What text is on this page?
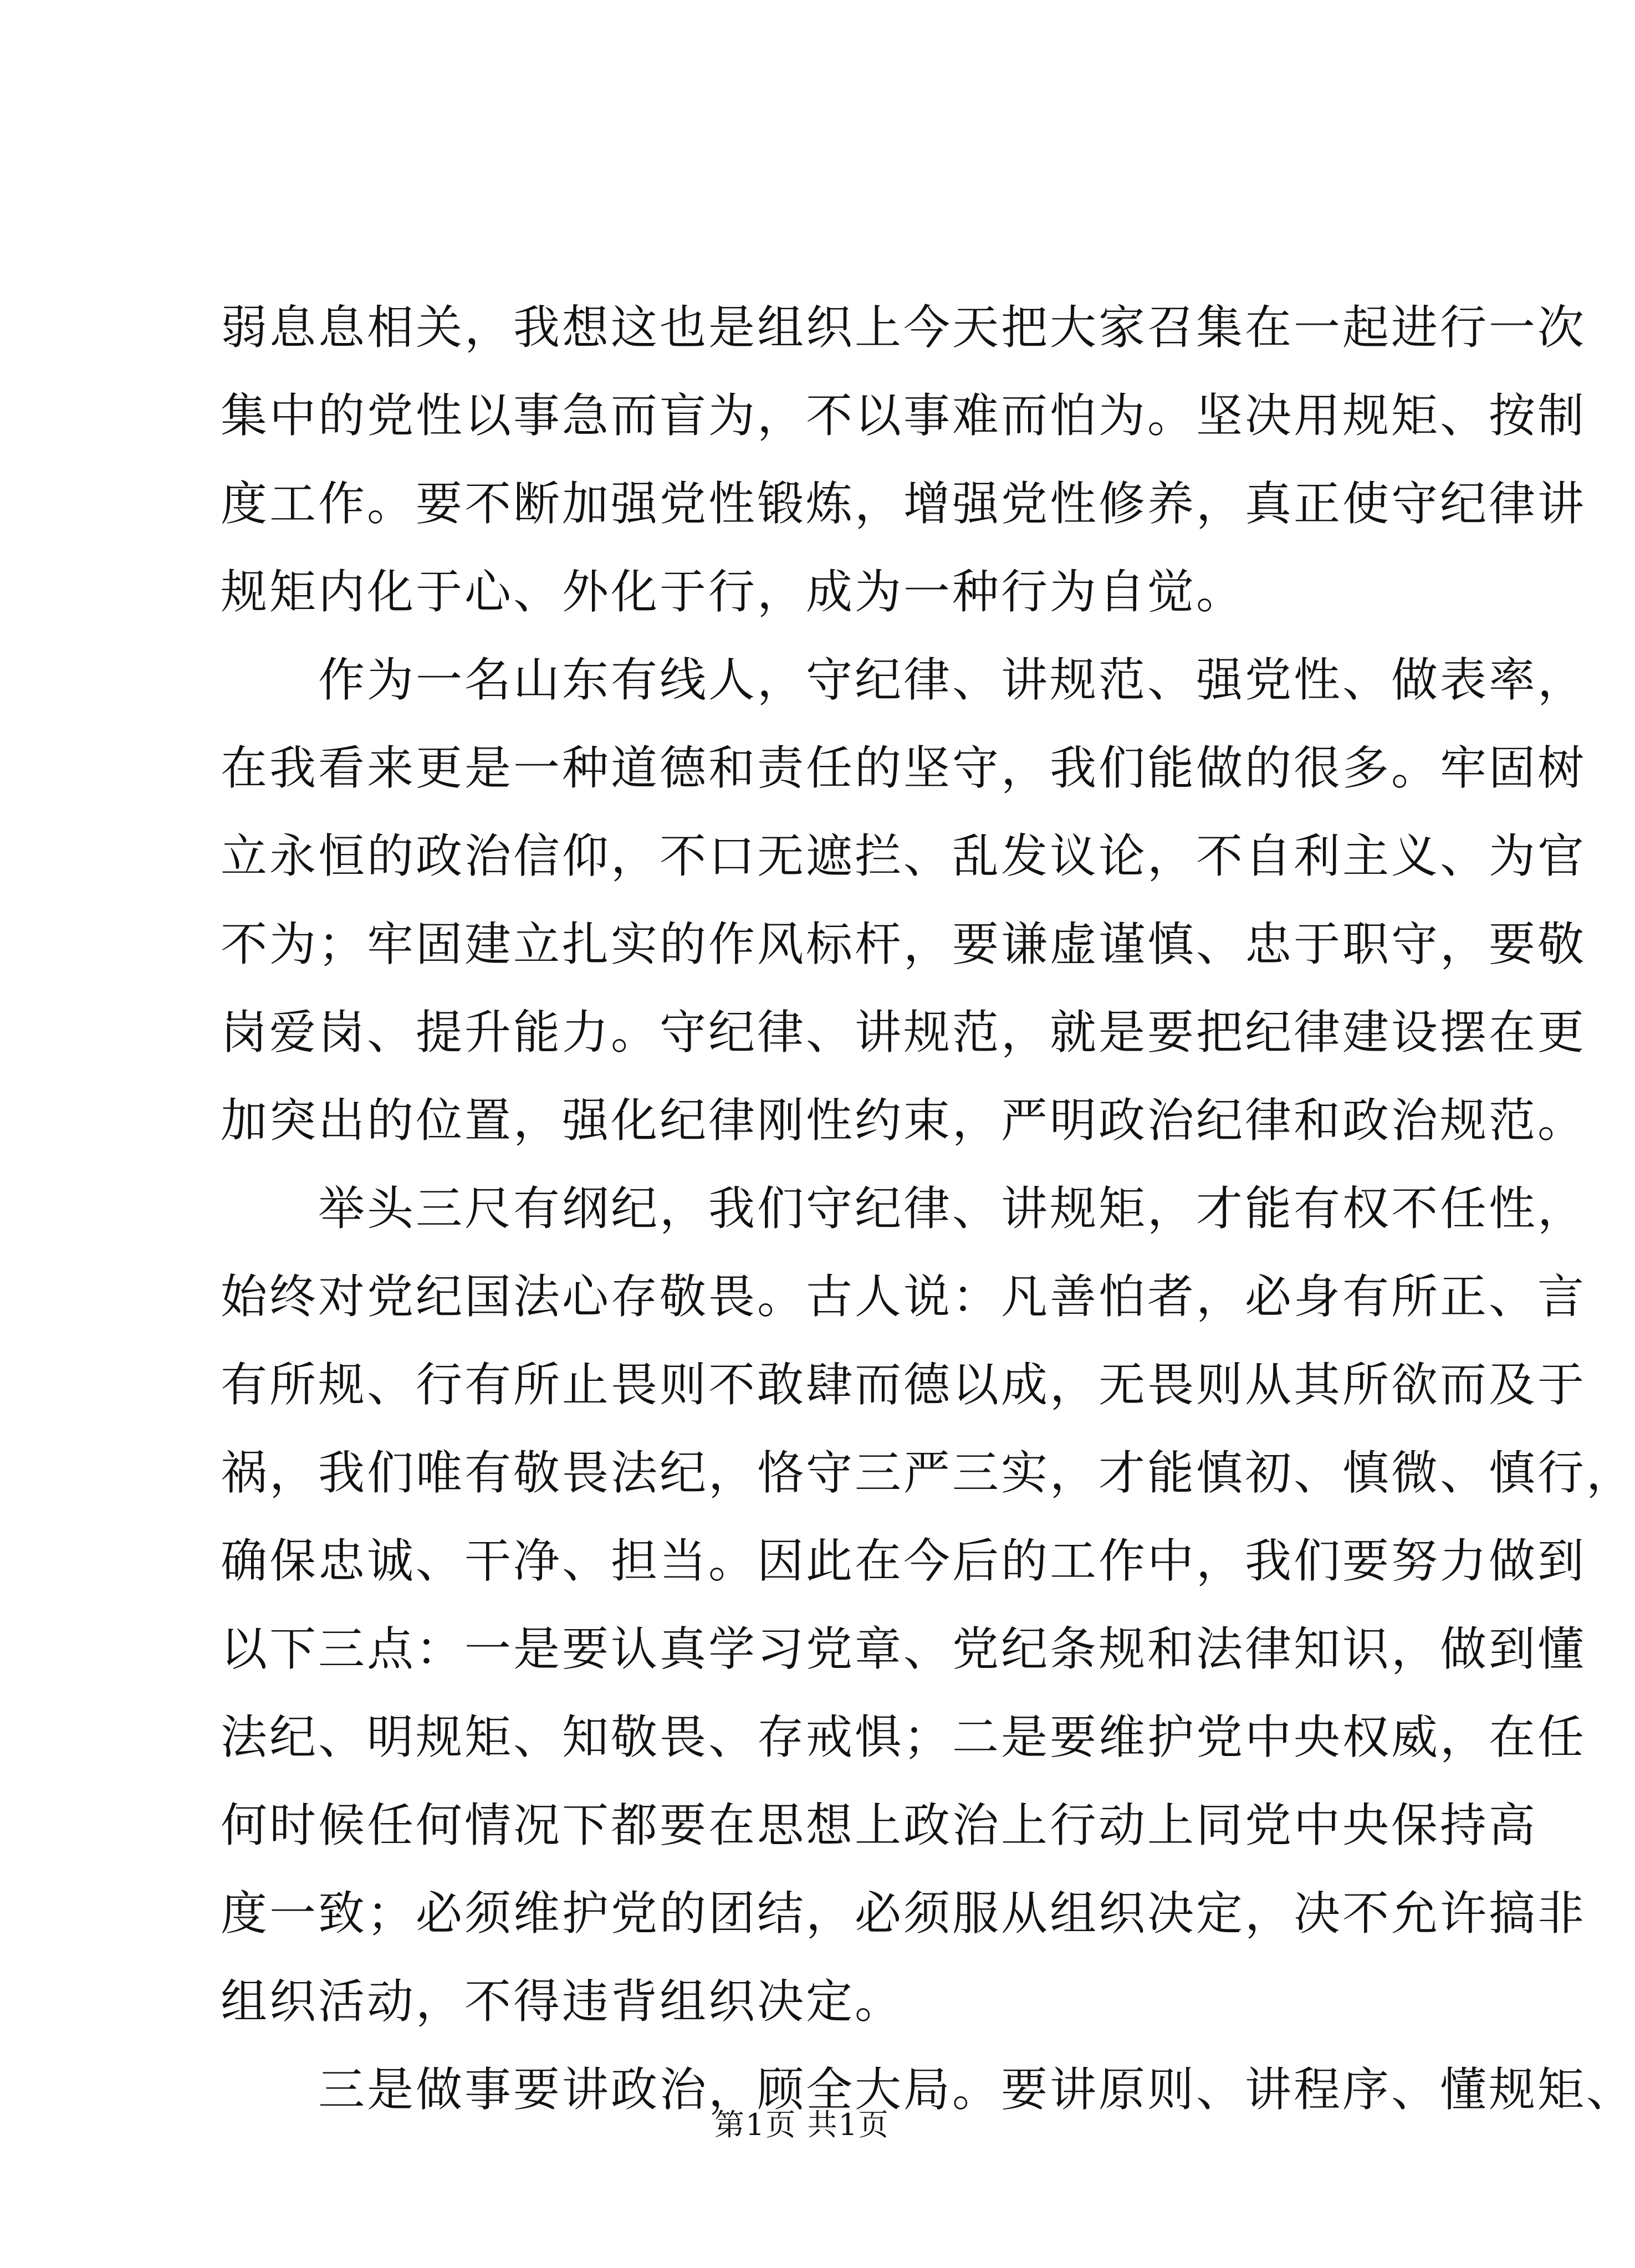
弱息息相关，我想这也是组织上今天把大家召集在一起进行一次
集中的党性以事急而盲为，不以事难而怕为。坚决用规矩、按制
度工作。要不断加强党性锻炼，增强党性修养，真正使守纪律讲
规矩内化于心、外化于行，成为一种行为自觉。
　　作为一名山东有线人，守纪律、讲规范、强党性、做表率，
在我看来更是一种道德和责任的坚守，我们能做的很多。牢固树
立永恒的政治信仰，不口无遮拦、乱发议论，不自利主义、为官
不为；牢固建立扎实的作风标杆，要谦虚谨慎、忠于职守，要敬
岗爱岗、提升能力。守纪律、讲规范，就是要把纪律建设摆在更
加突出的位置，强化纪律刚性约束，严明政治纪律和政治规范。
　　举头三尺有纲纪，我们守纪律、讲规矩，才能有权不任性，
始终对党纪国法心存敬畏。古人说：凡善怕者，必身有所正、言
有所规、行有所止畏则不敢肆而德以成，无畏则从其所欲而及于
祸，我们唯有敬畏法纪，恪守三严三实，才能慎初、慎微、慎行，
确保忠诚、干净、担当。因此在今后的工作中，我们要努力做到
以下三点：一是要认真学习党章、党纪条规和法律知识，做到懂
法纪、明规矩、知敬畏、存戒惧；二是要维护党中央权威，在任
何时候任何情况下都要在思想上政治上行动上同党中央保持高
度一致；必须维护党的团结，必须服从组织决定，决不允许搞非
组织活动，不得违背组织决定。
　　三是做事要讲政治，顾全大局。要讲原则、讲程序、懂规矩、
第1页 共1页
